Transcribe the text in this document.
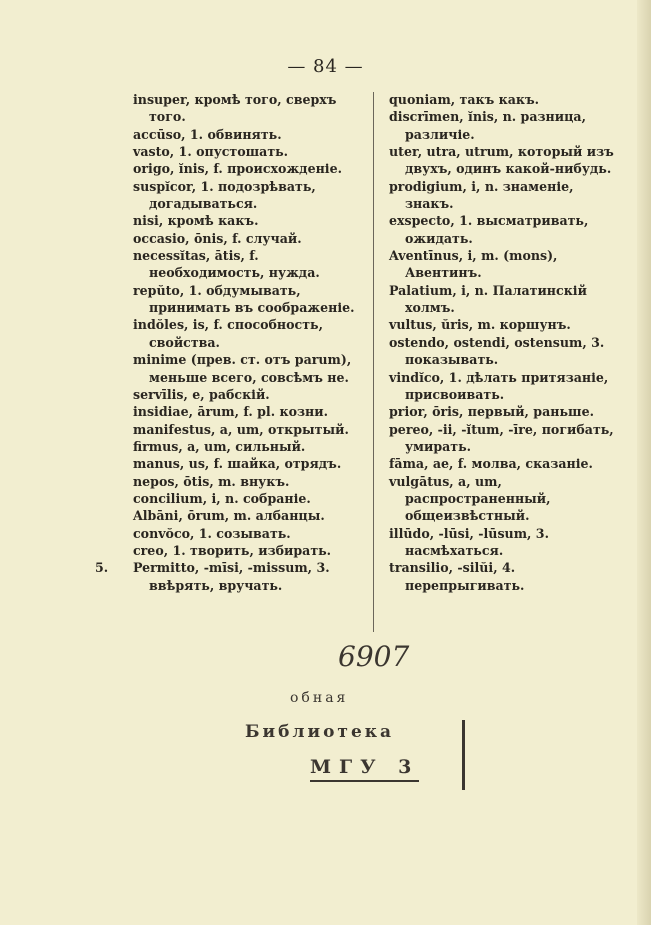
— 84 —

insuper, кромѣ того, сверхъ того.

accūso, 1. обвинять.

vasto, 1. опустошать.

origo, ĭnis, f. происхожденіе.

suspĭcor, 1. подозрѣвать, догадываться.

nisi, кромѣ какъ.

occasio, ōnis, f. случай.

necessĭtas, ātis, f. необходимость, нужда.

repŭto, 1. обдумывать, принимать въ соображеніе.

indŏles, is, f. способность, свойства.

minime (прев. ст. отъ parum), меньше всего, совсѣмъ не.

servīlis, e, рабскій.

insidiae, ārum, f. pl. козни.

manifestus, a, um, открытый.

firmus, a, um, сильный.

manus, us, f. шайка, отрядъ.

nepos, ōtis, m. внукъ.

concilium, i, n. собраніе.

Albāni, ōrum, m. албанцы.

convŏco, 1. созывать.

creo, 1. творить, избирать.

5. Permitto, -mīsi, -missum, 3. ввѣрять, вручать.

quoniam, такъ какъ.

discrīmen, ĭnis, n. разница, различіе.

uter, utra, utrum, который изъ двухъ, одинъ какой-нибудь.

prodigium, i, n. знаменіе, знакъ.

exspecto, 1. высматривать, ожидать.

Aventīnus, i, m. (mons), Авентинъ.

Palatium, i, n. Палатинскій холмъ.

vultus, ŭris, m. коршунъ.

ostendo, ostendi, ostensum, 3. показывать.

vindĭco, 1. дѣлать притязаніе, присвоивать.

prior, ōris, первый, раньше.

pereo, -ii, -ĭtum, -īre, погибать, умирать.

fāma, ae, f. молва, сказаніе.

vulgātus, a, um, распространенный, общеизвѣстный.

illūdo, -lūsi, -lūsum, 3. насмѣхаться.

transilio, -silŭi, 4. перепрыгивать.

6907
обная
Библиотека
МГУ 3
